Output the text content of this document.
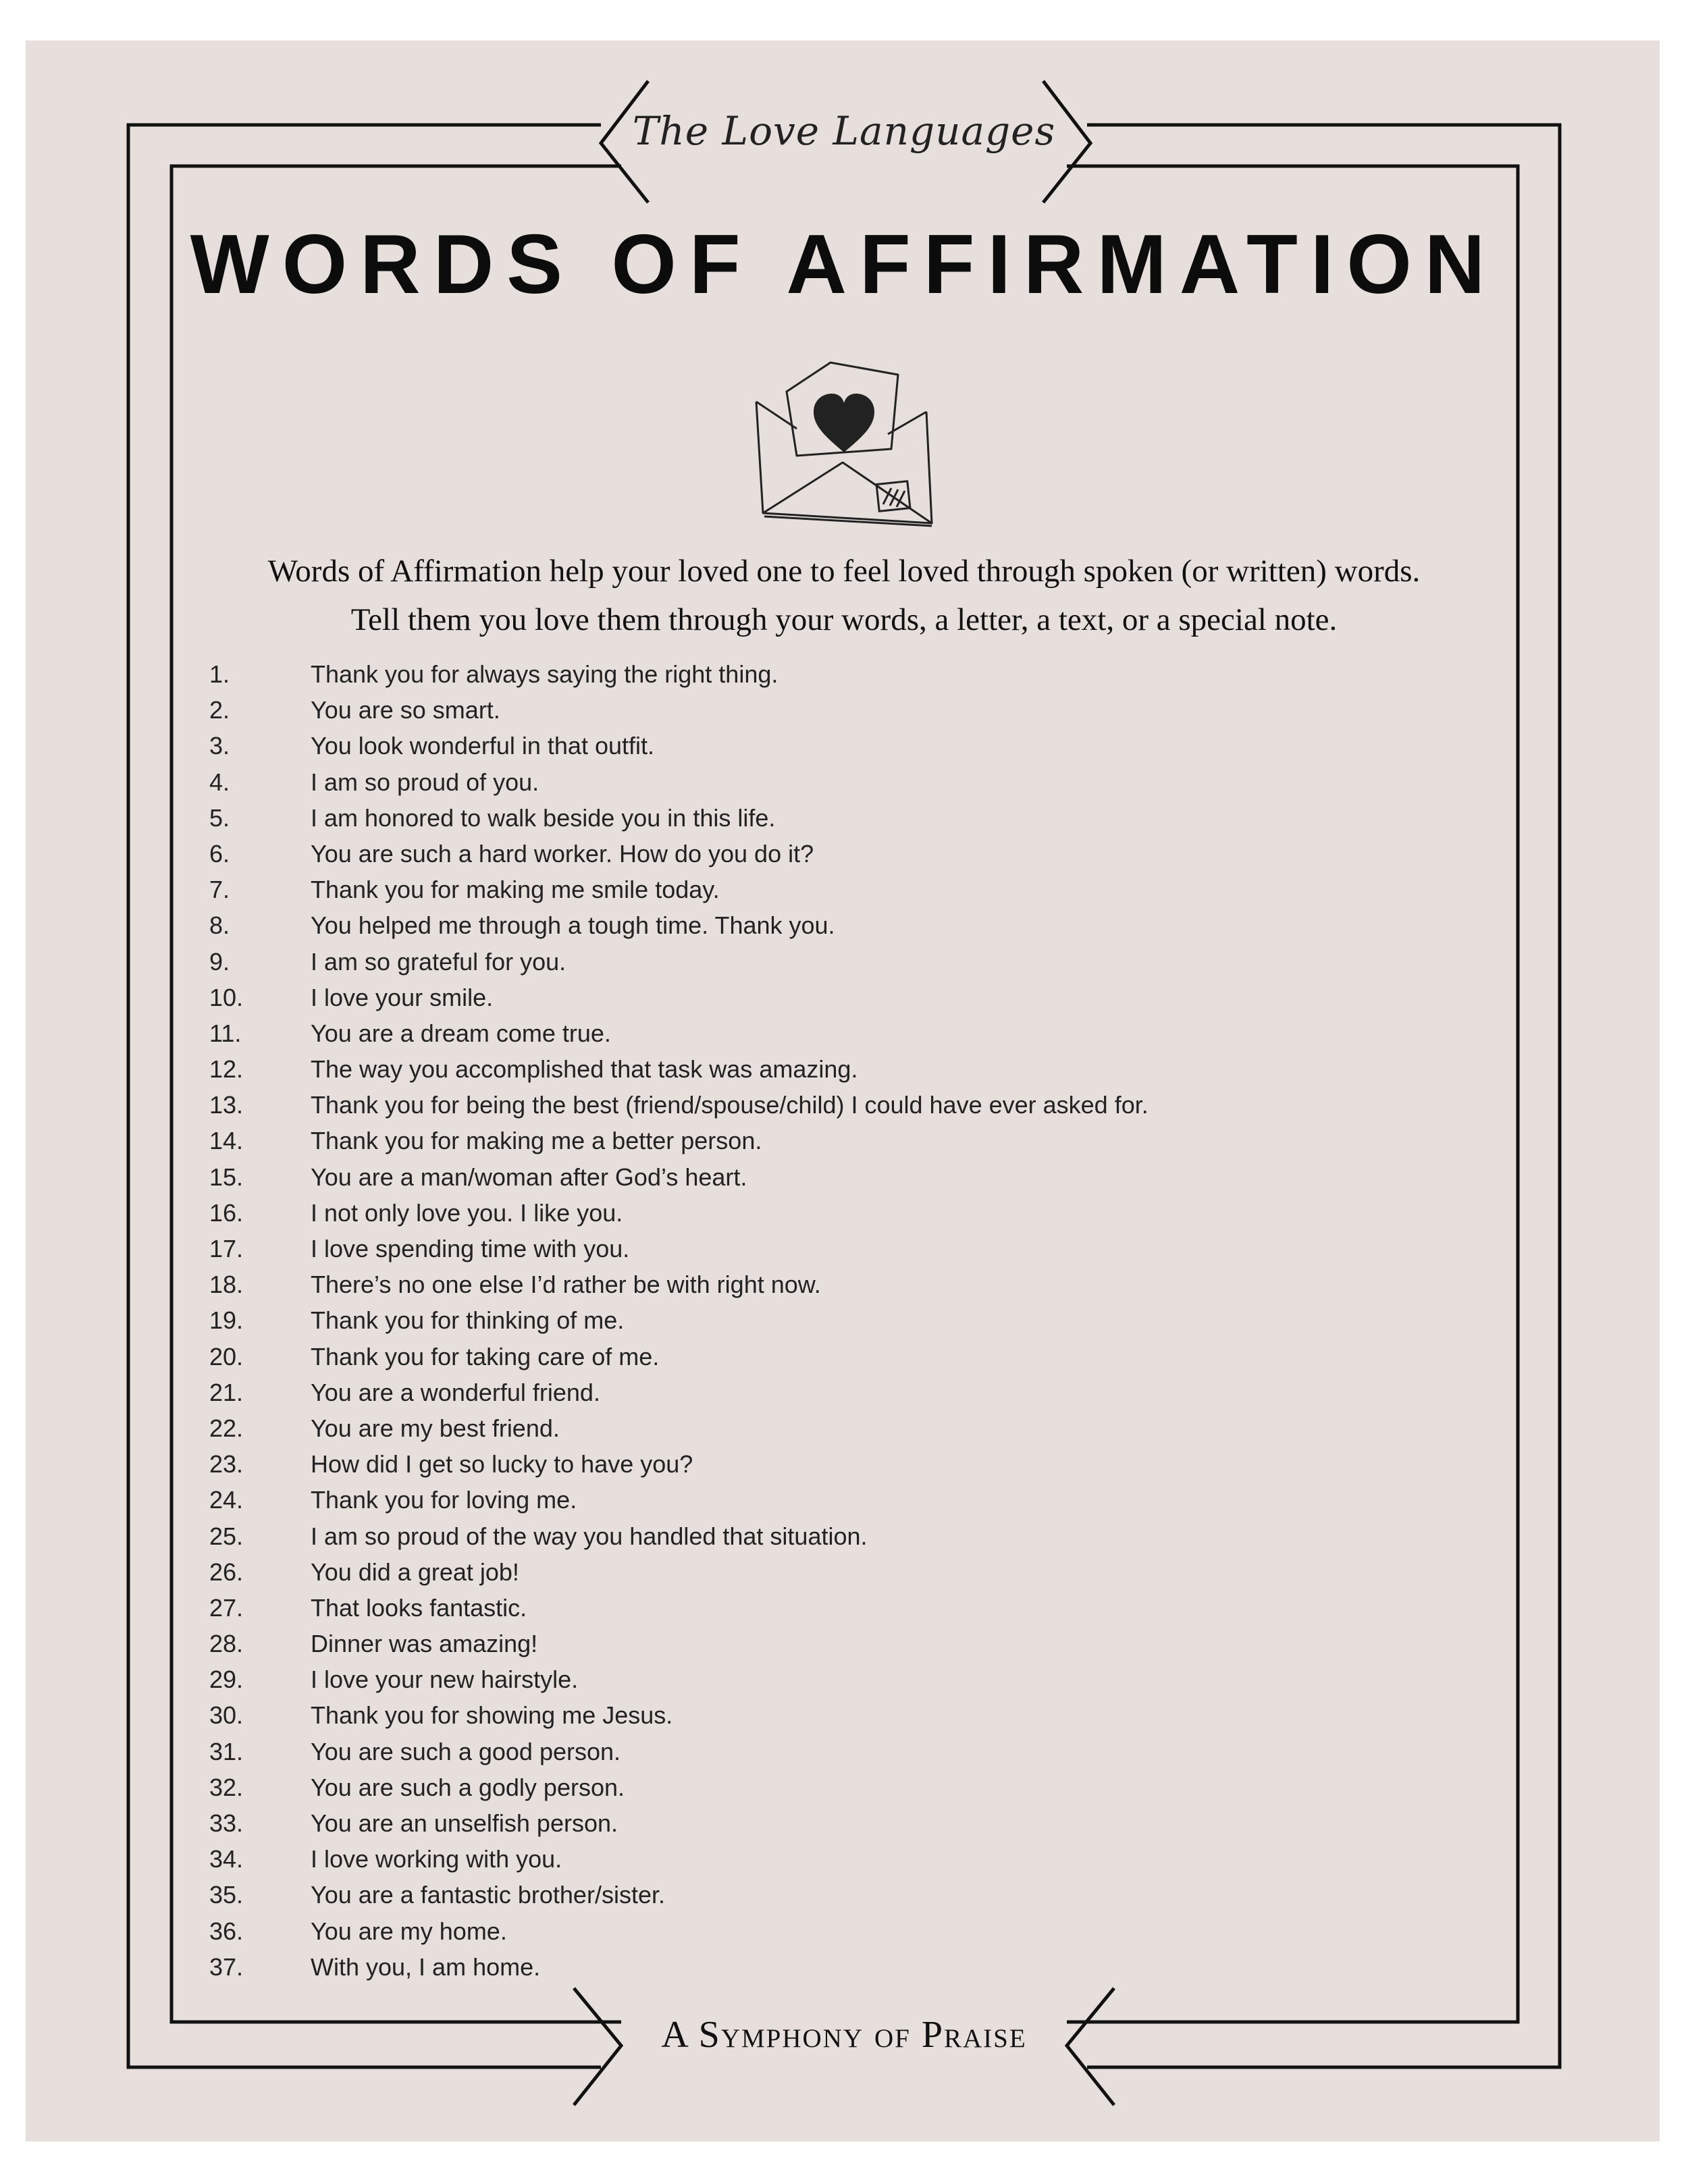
The Love Languages
WORDS OF AFFIRMATION
Words of Affirmation help your loved one to feel loved through spoken (or written) words.
Tell them you love them through your words, a letter, a text, or a special note.
1.	Thank you for always saying the right thing.
2.	You are so smart.
3.	You look wonderful in that outfit.
4.	I am so proud of you.
5.	I am honored to walk beside you in this life.
6.	You are such a hard worker. How do you do it?
7.	Thank you for making me smile today.
8.	You helped me through a tough time. Thank you.
9.	I am so grateful for you.
10.	I love your smile.
11.	You are a dream come true.
12.	The way you accomplished that task was amazing.
13.	Thank you for being the best (friend/spouse/child) I could have ever asked for.
14.	Thank you for making me a better person.
15.	You are a man/woman after God’s heart.
16.	I not only love you. I like you.
17.	I love spending time with you.
18.	There’s no one else I’d rather be with right now.
19.	Thank you for thinking of me.
20.	Thank you for taking care of me.
21.	You are a wonderful friend.
22.	You are my best friend.
23.	How did I get so lucky to have you?
24.	Thank you for loving me.
25.	I am so proud of the way you handled that situation.
26.	You did a great job!
27.	That looks fantastic.
28.	Dinner was amazing!
29.	I love your new hairstyle.
30.	Thank you for showing me Jesus.
31.	You are such a good person.
32.	You are such a godly person.
33.	You are an unselfish person.
34.	I love working with you.
35.	You are a fantastic brother/sister.
36.	You are my home.
37.	With you, I am home.
A Symphony of Praise
